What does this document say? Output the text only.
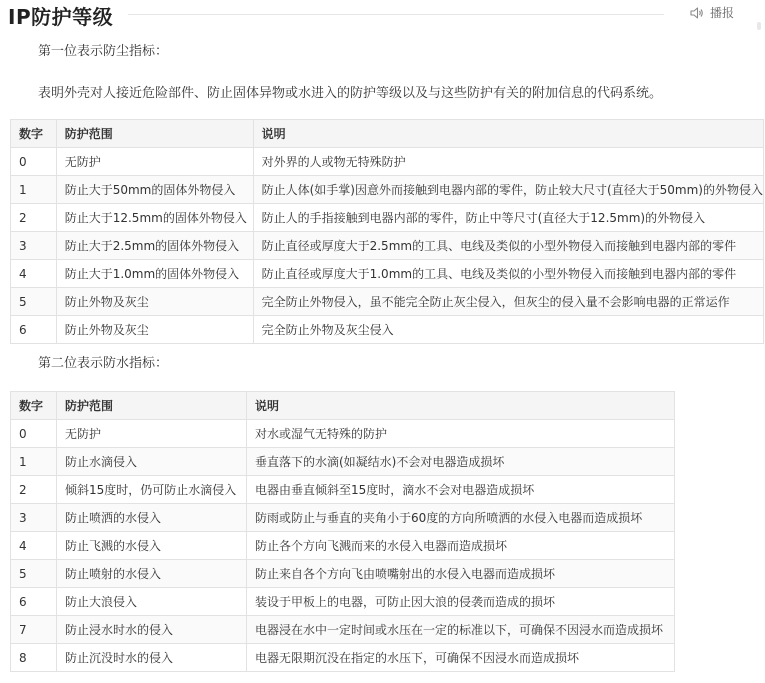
IP防护等级	播报
第一位表示防尘指标：
表明外壳对人接近危险部件、防止固体异物或水进入的防护等级以及与这些防护有关的附加信息的代码系统。
数字	防护范围	说明
0	无防护	对外界的人或物无特殊防护
1	防止大于50mm的固体外物侵入	防止人体(如手掌)因意外而接触到电器内部的零件，防止较大尺寸(直径大于50mm)的外物侵入
2	防止大于12.5mm的固体外物侵入	防止人的手指接触到电器内部的零件，防止中等尺寸(直径大于12.5mm)的外物侵入
3	防止大于2.5mm的固体外物侵入	防止直径或厚度大于2.5mm的工具、电线及类似的小型外物侵入而接触到电器内部的零件
4	防止大于1.0mm的固体外物侵入	防止直径或厚度大于1.0mm的工具、电线及类似的小型外物侵入而接触到电器内部的零件
5	防止外物及灰尘	完全防止外物侵入，虽不能完全防止灰尘侵入，但灰尘的侵入量不会影响电器的正常运作
6	防止外物及灰尘	完全防止外物及灰尘侵入
第二位表示防水指标：
数字	防护范围	说明
0	无防护	对水或湿气无特殊的防护
1	防止水滴侵入	垂直落下的水滴(如凝结水)不会对电器造成损坏
2	倾斜15度时，仍可防止水滴侵入	电器由垂直倾斜至15度时，滴水不会对电器造成损坏
3	防止喷洒的水侵入	防雨或防止与垂直的夹角小于60度的方向所喷洒的水侵入电器而造成损坏
4	防止飞溅的水侵入	防止各个方向飞溅而来的水侵入电器而造成损坏
5	防止喷射的水侵入	防止来自各个方向飞由喷嘴射出的水侵入电器而造成损坏
6	防止大浪侵入	装设于甲板上的电器，可防止因大浪的侵袭而造成的损坏
7	防止浸水时水的侵入	电器浸在水中一定时间或水压在一定的标准以下，可确保不因浸水而造成损坏
8	防止沉没时水的侵入	电器无限期沉没在指定的水压下，可确保不因浸水而造成损坏
